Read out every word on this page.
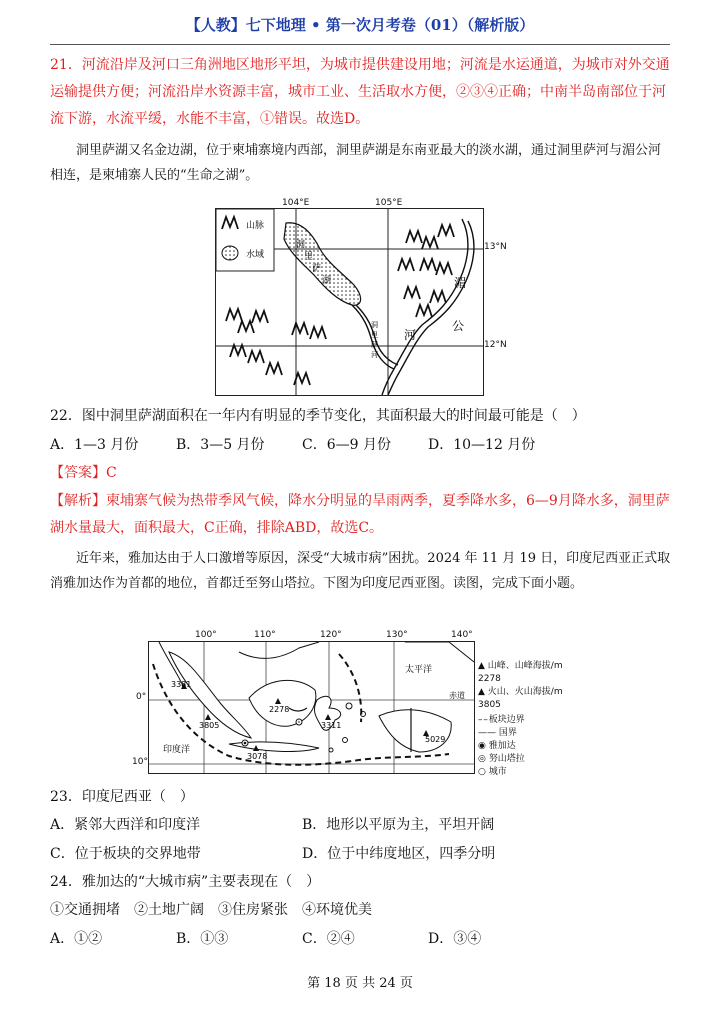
【人教】七下地理 • 第一次月考卷（01）（解析版）
21．河流沿岸及河口三角洲地区地形平坦，为城市提供建设用地；河流是水运通道，为城市对外交通运输提供方便；河流沿岸水资源丰富，城市工业、生活取水方便，②③④正确；中南半岛南部位于河流下游，水流平缓，水能不丰富，①错误。故选D。
洞里萨湖又名金边湖，位于柬埔寨境内西部，洞里萨湖是东南亚最大的淡水湖，通过洞里萨河与湄公河相连，是柬埔寨人民的“生命之湖”。
山脉
水域
洞
里
萨
湖
洞
里
萨
河
湄
公
河
104°E	105°E
13°N
12°N
22．图中洞里萨湖面积在一年内有明显的季节变化，其面积最大的时间最可能是（　）
A．1—3 月份	B．3—5 月份	C．6—9 月份	D．10—12 月份
【答案】C
【解析】柬埔寨气候为热带季风气候，降水分明显的旱雨两季，夏季降水多，6—9月降水多，洞里萨湖水量最大，面积最大，C正确，排除ABD，故选C。
近年来，雅加达由于人口激增等原因，深受“大城市病”困扰。2024 年 11 月 19 日，印度尼西亚正式取消雅加达作为首都的地位，首都迁至努山塔拉。下图为印度尼西亚图。读图，完成下面小题。
100°	110°	120°	130°	140°
0°
10°
3381
3805
2278
3311
3078
5029
太平洋
印度洋
赤道
▲ 山峰、山峰海拔/m
2278
▲ 火山、火山海拔/m
3805
– – 板块边界
—— 国界
◉ 雅加达
◎ 努山塔拉
○ 城市
23．印度尼西亚（　）
A．紧邻大西洋和印度洋	B．地形以平原为主，平坦开阔
C．位于板块的交界地带	D．位于中纬度地区，四季分明
24．雅加达的“大城市病”主要表现在（　）
①交通拥堵　②土地广阔　③住房紧张　④环境优美
A．①②	B．①③	C．②④	D．③④
第 18 页 共 24 页
